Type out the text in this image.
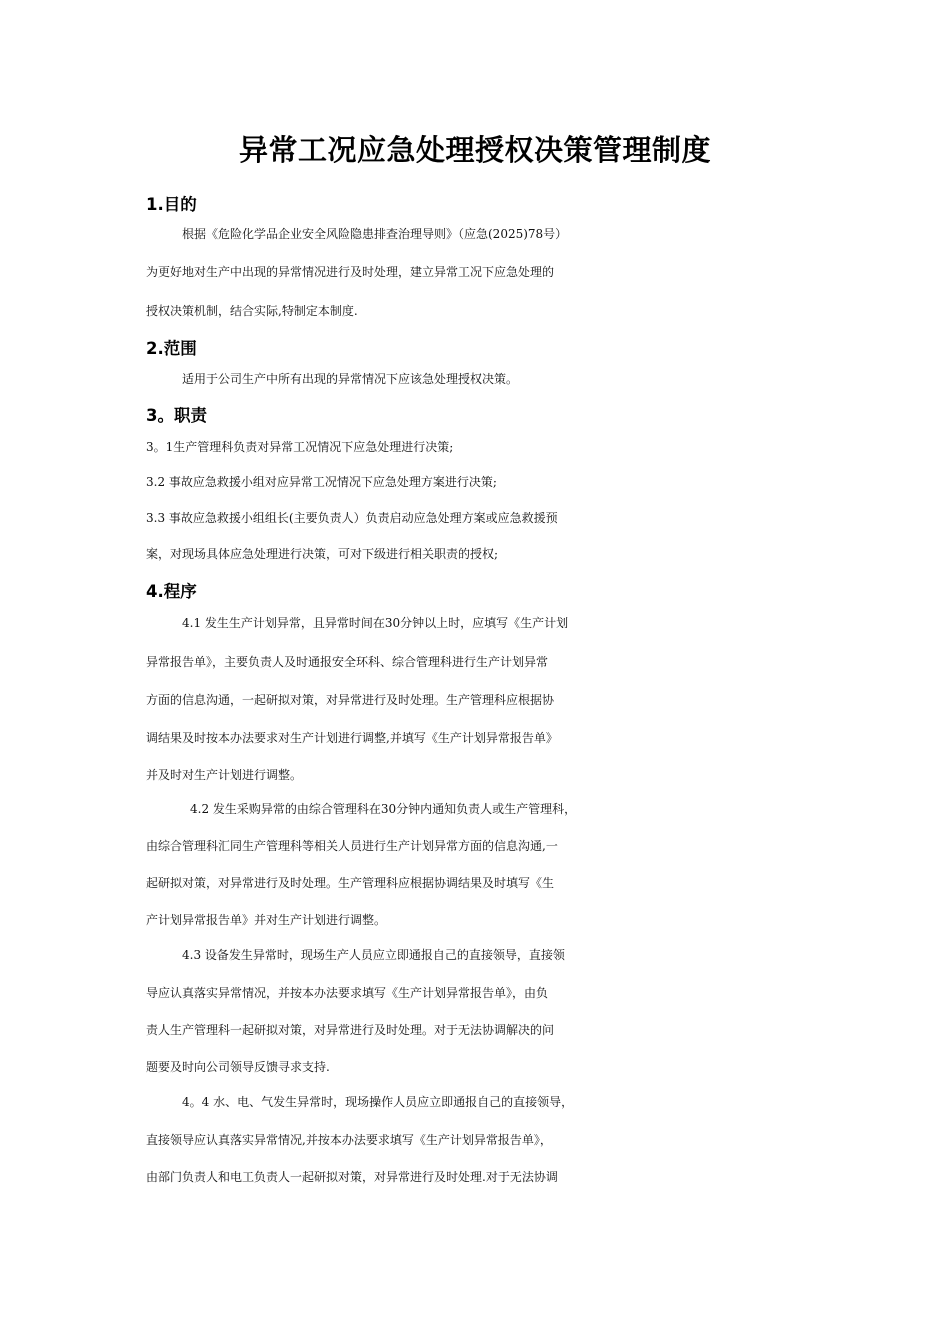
异常工况应急处理授权决策管理制度
1.目的
根据《危险化学品企业安全风险隐患排查治理导则》（应急(2025)78号）
为更好地对生产中出现的异常情况进行及时处理，建立异常工况下应急处理的
授权决策机制，结合实际,特制定本制度.
2.范围
适用于公司生产中所有出现的异常情况下应该急处理授权决策。
3。职责
3。1生产管理科负责对异常工况情况下应急处理进行决策;
3.2 事故应急救援小组对应异常工况情况下应急处理方案进行决策;
3.3 事故应急救援小组组长(主要负责人）负责启动应急处理方案或应急救援预
案，对现场具体应急处理进行决策，可对下级进行相关职责的授权;
4.程序
4.1 发生生产计划异常，且异常时间在30分钟以上时，应填写《生产计划
异常报告单》，主要负责人及时通报安全环科、综合管理科进行生产计划异常
方面的信息沟通，一起研拟对策，对异常进行及时处理。生产管理科应根据协
调结果及时按本办法要求对生产计划进行调整,并填写《生产计划异常报告单》
并及时对生产计划进行调整。
4.2 发生采购异常的由综合管理科在30分钟内通知负责人或生产管理科，
由综合管理科汇同生产管理科等相关人员进行生产计划异常方面的信息沟通,一
起研拟对策，对异常进行及时处理。生产管理科应根据协调结果及时填写《生
产计划异常报告单》并对生产计划进行调整。
4.3 设备发生异常时，现场生产人员应立即通报自己的直接领导，直接领
导应认真落实异常情况，并按本办法要求填写《生产计划异常报告单》，由负
责人生产管理科一起研拟对策，对异常进行及时处理。对于无法协调解决的问
题要及时向公司领导反馈寻求支持.
4。4 水、电、气发生异常时，现场操作人员应立即通报自己的直接领导，
直接领导应认真落实异常情况,并按本办法要求填写《生产计划异常报告单》，
由部门负责人和电工负责人一起研拟对策，对异常进行及时处理.对于无法协调
